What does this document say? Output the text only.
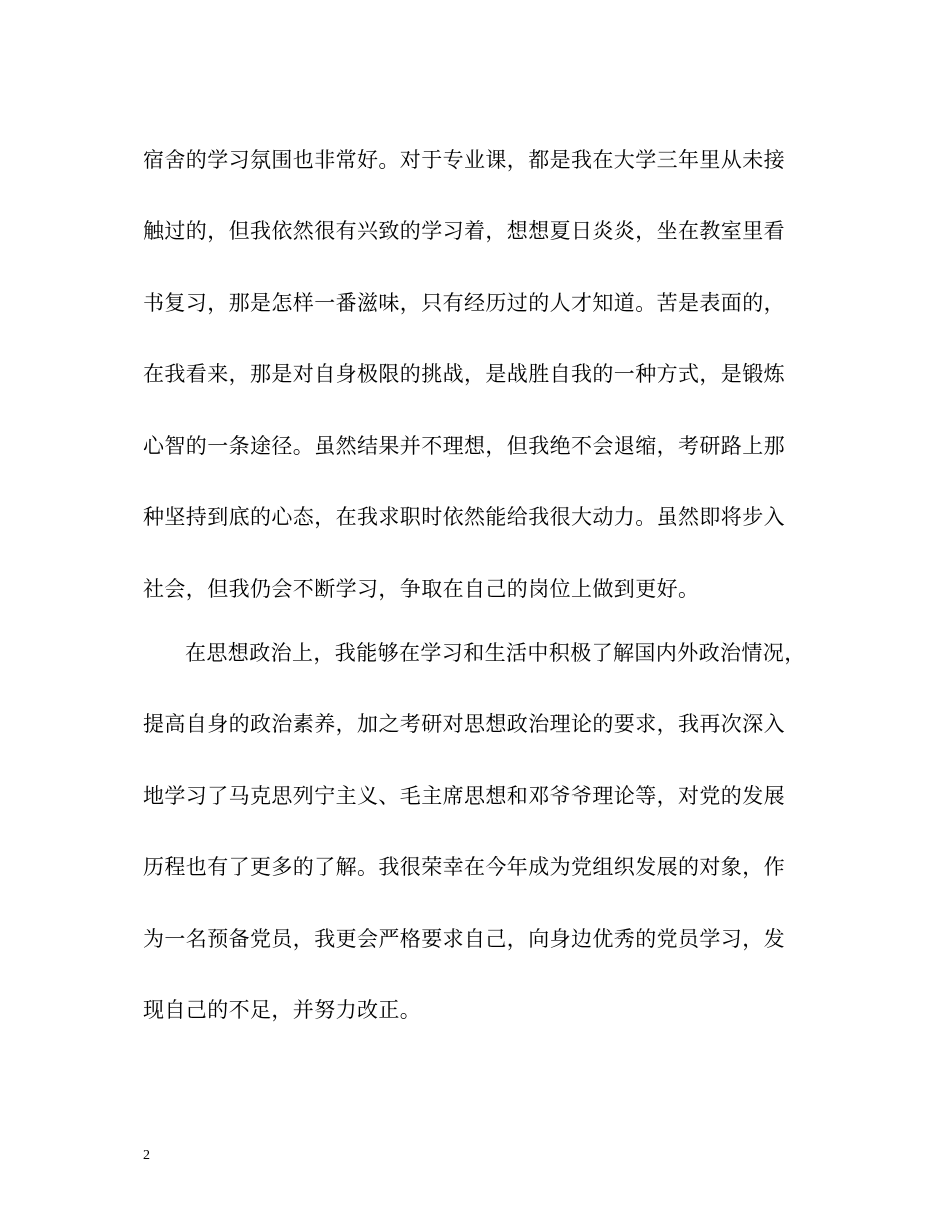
宿舍的学习氛围也非常好。对于专业课，都是我在大学三年里从未接
触过的，但我依然很有兴致的学习着，想想夏日炎炎，坐在教室里看
书复习，那是怎样一番滋味，只有经历过的人才知道。苦是表面的，
在我看来，那是对自身极限的挑战，是战胜自我的一种方式，是锻炼
心智的一条途径。虽然结果并不理想，但我绝不会退缩，考研路上那
种坚持到底的心态，在我求职时依然能给我很大动力。虽然即将步入
社会，但我仍会不断学习，争取在自己的岗位上做到更好。
在思想政治上，我能够在学习和生活中积极了解国内外政治情况，
提高自身的政治素养，加之考研对思想政治理论的要求，我再次深入
地学习了马克思列宁主义、毛主席思想和邓爷爷理论等，对党的发展
历程也有了更多的了解。我很荣幸在今年成为党组织发展的对象，作
为一名预备党员，我更会严格要求自己，向身边优秀的党员学习，发
现自己的不足，并努力改正。
2
